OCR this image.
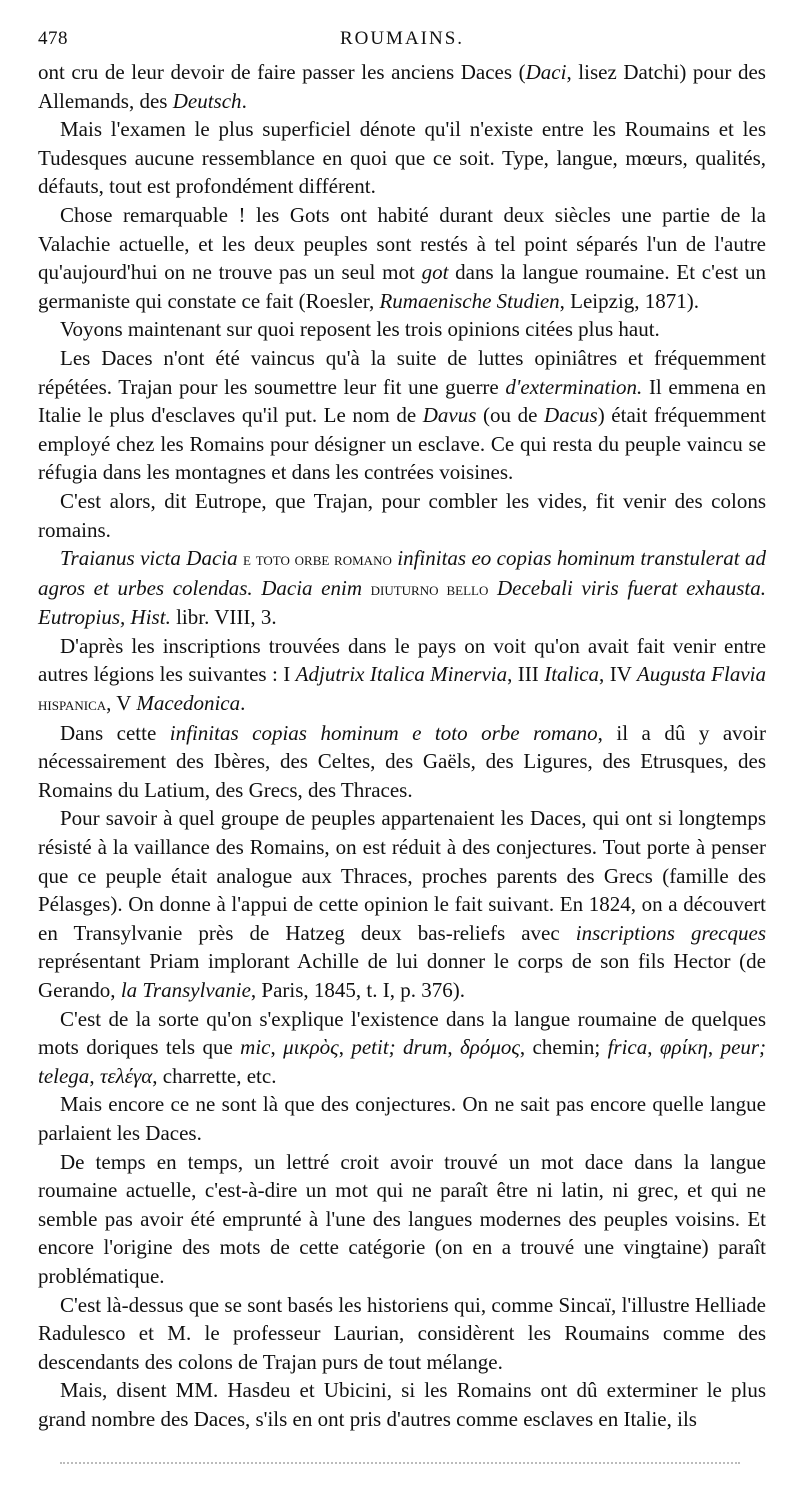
478	ROUMAINS.

ont cru de leur devoir de faire passer les anciens Daces (Daci, lisez Datchi) pour des Allemands, des Deutsch.

Mais l'examen le plus superficiel dénote qu'il n'existe entre les Roumains et les Tudesques aucune ressemblance en quoi que ce soit. Type, langue, mœurs, qualités, défauts, tout est profondément différent.

Chose remarquable ! les Gots ont habité durant deux siècles une partie de la Valachie actuelle, et les deux peuples sont restés à tel point séparés l'un de l'autre qu'aujourd'hui on ne trouve pas un seul mot got dans la langue roumaine. Et c'est un germaniste qui constate ce fait (Roesler, Rumaenische Studien, Leipzig, 1871).

Voyons maintenant sur quoi reposent les trois opinions citées plus haut.

Les Daces n'ont été vaincus qu'à la suite de luttes opiniâtres et fréquemment répétées. Trajan pour les soumettre leur fit une guerre d'extermination. Il emmena en Italie le plus d'esclaves qu'il put. Le nom de Davus (ou de Dacus) était fréquemment employé chez les Romains pour désigner un esclave. Ce qui resta du peuple vaincu se réfugia dans les montagnes et dans les contrées voisines.

C'est alors, dit Eutrope, que Trajan, pour combler les vides, fit venir des colons romains.

Traianus victa Dacia e toto orbe romano infinitas eo copias hominum transtulerat ad agros et urbes colendas. Dacia enim diuturno bello Decebali viris fuerat exhausta. Eutropius, Hist. libr. VIII, 3.

D'après les inscriptions trouvées dans le pays on voit qu'on avait fait venir entre autres légions les suivantes : I Adjutrix Italica Minervia, III Italica, IV Augusta Flavia hispanica, V Macedonica.

Dans cette infinitas copias hominum e toto orbe romano, il a dû y avoir nécessairement des Ibères, des Celtes, des Gaëls, des Ligures, des Etrusques, des Romains du Latium, des Grecs, des Thraces.

Pour savoir à quel groupe de peuples appartenaient les Daces, qui ont si longtemps résisté à la vaillance des Romains, on est réduit à des conjectures. Tout porte à penser que ce peuple était analogue aux Thraces, proches parents des Grecs (famille des Pélasges). On donne à l'appui de cette opinion le fait suivant. En 1824, on a découvert en Transylvanie près de Hatzeg deux bas-reliefs avec inscriptions grecques représentant Priam implorant Achille de lui donner le corps de son fils Hector (de Gerando, la Transylvanie, Paris, 1845, t. I, p. 376).

C'est de la sorte qu'on s'explique l'existence dans la langue roumaine de quelques mots doriques tels que mic, μικρὸς, petit; drum, δρόμος, chemin; frica, φρίκη, peur; telega, τελέγα, charrette, etc.

Mais encore ce ne sont là que des conjectures. On ne sait pas encore quelle langue parlaient les Daces.

De temps en temps, un lettré croit avoir trouvé un mot dace dans la langue roumaine actuelle, c'est-à-dire un mot qui ne paraît être ni latin, ni grec, et qui ne semble pas avoir été emprunté à l'une des langues modernes des peuples voisins. Et encore l'origine des mots de cette catégorie (on en a trouvé une vingtaine) paraît problématique.

C'est là-dessus que se sont basés les historiens qui, comme Sincaï, l'illustre Helliade Radulesco et M. le professeur Laurian, considèrent les Roumains comme des descendants des colons de Trajan purs de tout mélange.

Mais, disent MM. Hasdeu et Ubicini, si les Romains ont dû exterminer le plus grand nombre des Daces, s'ils en ont pris d'autres comme esclaves en Italie, ils
